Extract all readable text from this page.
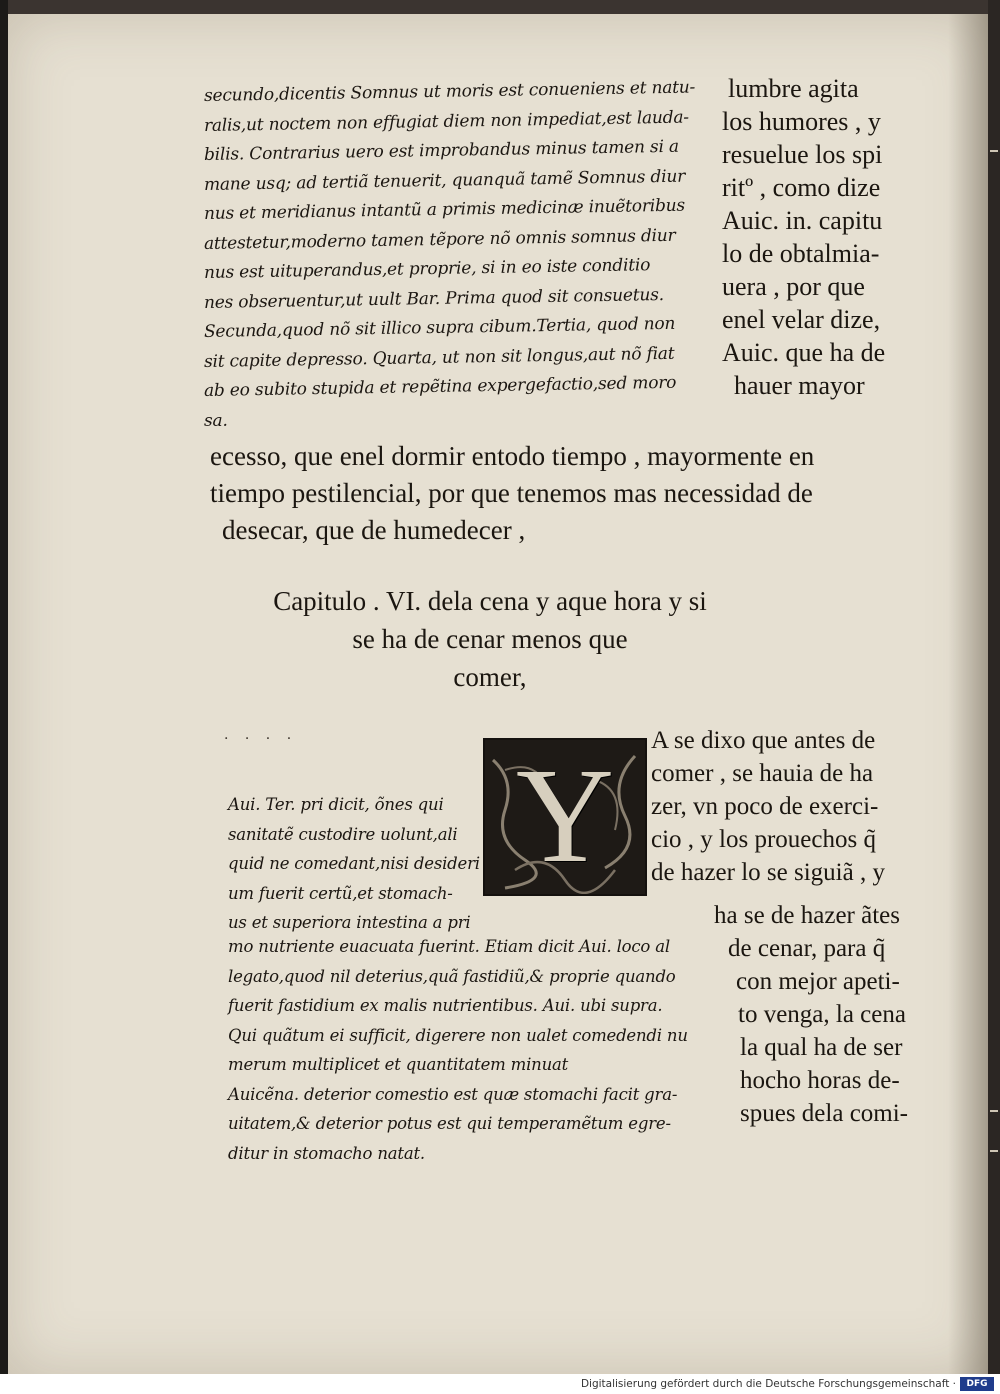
secundo,dicentis Somnus ut moris est conueniens et natu-
ralis,ut noctem non effugiat diem non impediat,est lauda-
bilis. Contrarius uero est improbandus minus tamen si a
mane usq; ad tertiã tenuerit, quanquã tamẽ Somnus diur
nus et meridianus intantũ a primis medicinæ inuẽtoribus
attestetur,moderno tamen tẽpore nõ omnis somnus diur
nus est uituperandus,et proprie, si in eo iste conditio
nes obseruentur,ut uult Bar. Prima quod sit consuetus.
Secunda,quod nõ sit illico supra cibum.Tertia, quod non
sit capite depresso. Quarta, ut non sit longus,aut nõ fiat
ab eo subito stupida et repẽtina expergefactio,sed moro
sa.
lumbre agita
los humores , y
resuelue los spi
ritº , como dize
Auic. in. capitu
lo de obtalmia-
uera , por que
enel velar dize,
Auic. que ha de
hauer mayor
ecesso, que enel dormir entodo tiempo , mayormente en
tiempo pestilencial, por que tenemos mas necessidad de
desecar, que de humedecer ,
Capitulo . VI. dela cena y aque hora y si
se ha de cenar menos que
comer,
· · · ·
Y
A se dixo que antes de
comer , se hauia de ha
zer, vn poco de exerci-
cio , y los prouechos q̃
de hazer lo se siguiã , y
ha se de hazer ãtes
de cenar, para q̃
con mejor apeti-
to venga, la cena
la qual ha de ser
hocho horas de-
spues dela comi-
Aui. Ter. pri dicit, õnes qui
sanitatẽ custodire uolunt,ali
quid ne comedant,nisi desideri
um fuerit certũ,et stomach-
us et superiora intestina a pri
mo nutriente euacuata fuerint. Etiam dicit Aui. loco al
legato,quod nil deterius,quã fastidiũ,& proprie quando
fuerit fastidium ex malis nutrientibus. Aui. ubi supra.
Qui quãtum ei sufficit, digerere non ualet comedendi nu
merum multiplicet et quantitatem minuat
Auicẽna. deterior comestio est quæ stomachi facit gra-
uitatem,& deterior potus est qui temperamẽtum egre-
ditur in stomacho natat.
Digitalisierung gefördert durch die Deutsche Forschungsgemeinschaft ·	DFG
